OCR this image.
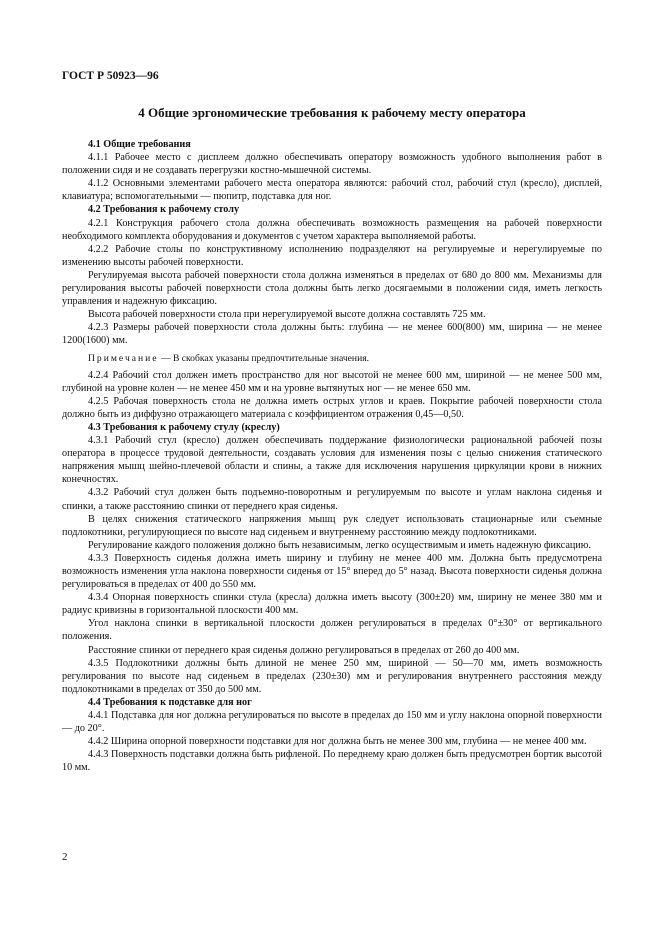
ГОСТ Р 50923—96
4 Общие эргономические требования к рабочему месту оператора

4.1 Общие требования

4.1.1 Рабочее место с дисплеем должно обеспечивать оператору возможность удобного выполнения работ в положении сидя и не создавать перегрузки костно-мышечной системы.

4.1.2 Основными элементами рабочего места оператора являются: рабочий стол, рабочий стул (кресло), дисплей, клавиатура; вспомогательными — пюпитр, подставка для ног.

4.2 Требования к рабочему столу

4.2.1 Конструкция рабочего стола должна обеспечивать возможность размещения на рабочей поверхности необходимого комплекта оборудования и документов с учетом характера выполняемой работы.

4.2.2 Рабочие столы по конструктивному исполнению подразделяют на регулируемые и нерегулируемые по изменению высоты рабочей поверхности.

Регулируемая высота рабочей поверхности стола должна изменяться в пределах от 680 до 800 мм. Механизмы для регулирования высоты рабочей поверхности стола должны быть легко досягаемыми в положении сидя, иметь легкость управления и надежную фиксацию.

Высота рабочей поверхности стола при нерегулируемой высоте должна составлять 725 мм.

4.2.3 Размеры рабочей поверхности стола должны быть: глубина — не менее 600(800) мм, ширина — не менее 1200(1600) мм.

Примечание — В скобках указаны предпочтительные значения.

4.2.4 Рабочий стол должен иметь пространство для ног высотой не менее 600 мм, шириной — не менее 500 мм, глубиной на уровне колен — не менее 450 мм и на уровне вытянутых ног — не менее 650 мм.

4.2.5 Рабочая поверхность стола не должна иметь острых углов и краев. Покрытие рабочей поверхности стола должно быть из диффузно отражающего материала с коэффициентом отражения 0,45—0,50.

4.3 Требования к рабочему стулу (креслу)

4.3.1 Рабочий стул (кресло) должен обеспечивать поддержание физиологически рациональной рабочей позы оператора в процессе трудовой деятельности, создавать условия для изменения позы с целью снижения статического напряжения мышц шейно-плечевой области и спины, а также для исключения нарушения циркуляции крови в нижних конечностях.

4.3.2 Рабочий стул должен быть подъемно-поворотным и регулируемым по высоте и углам наклона сиденья и спинки, а также расстоянию спинки от переднего края сиденья.

В целях снижения статического напряжения мышц рук следует использовать стационарные или съемные подлокотники, регулирующиеся по высоте над сиденьем и внутреннему расстоянию между подлокотниками.

Регулирование каждого положения должно быть независимым, легко осуществимым и иметь надежную фиксацию.

4.3.3 Поверхность сиденья должна иметь ширину и глубину не менее 400 мм. Должна быть предусмотрена возможность изменения угла наклона поверхности сиденья от 15° вперед до 5° назад. Высота поверхности сиденья должна регулироваться в пределах от 400 до 550 мм.

4.3.4 Опорная поверхность спинки стула (кресла) должна иметь высоту (300±20) мм, ширину не менее 380 мм и радиус кривизны в горизонтальной плоскости 400 мм.

Угол наклона спинки в вертикальной плоскости должен регулироваться в пределах 0°±30° от вертикального положения.

Расстояние спинки от переднего края сиденья должно регулироваться в пределах от 260 до 400 мм.

4.3.5 Подлокотники должны быть длиной не менее 250 мм, шириной — 50—70 мм, иметь возможность регулирования по высоте над сиденьем в пределах (230±30) мм и регулирования внутреннего расстояния между подлокотниками в пределах от 350 до 500 мм.

4.4 Требования к подставке для ног

4.4.1 Подставка для ног должна регулироваться по высоте в пределах до 150 мм и углу наклона опорной поверхности — до 20°.

4.4.2 Ширина опорной поверхности подставки для ног должна быть не менее 300 мм, глубина — не менее 400 мм.

4.4.3 Поверхность подставки должна быть рифленой. По переднему краю должен быть предусмотрен бортик высотой 10 мм.

2
